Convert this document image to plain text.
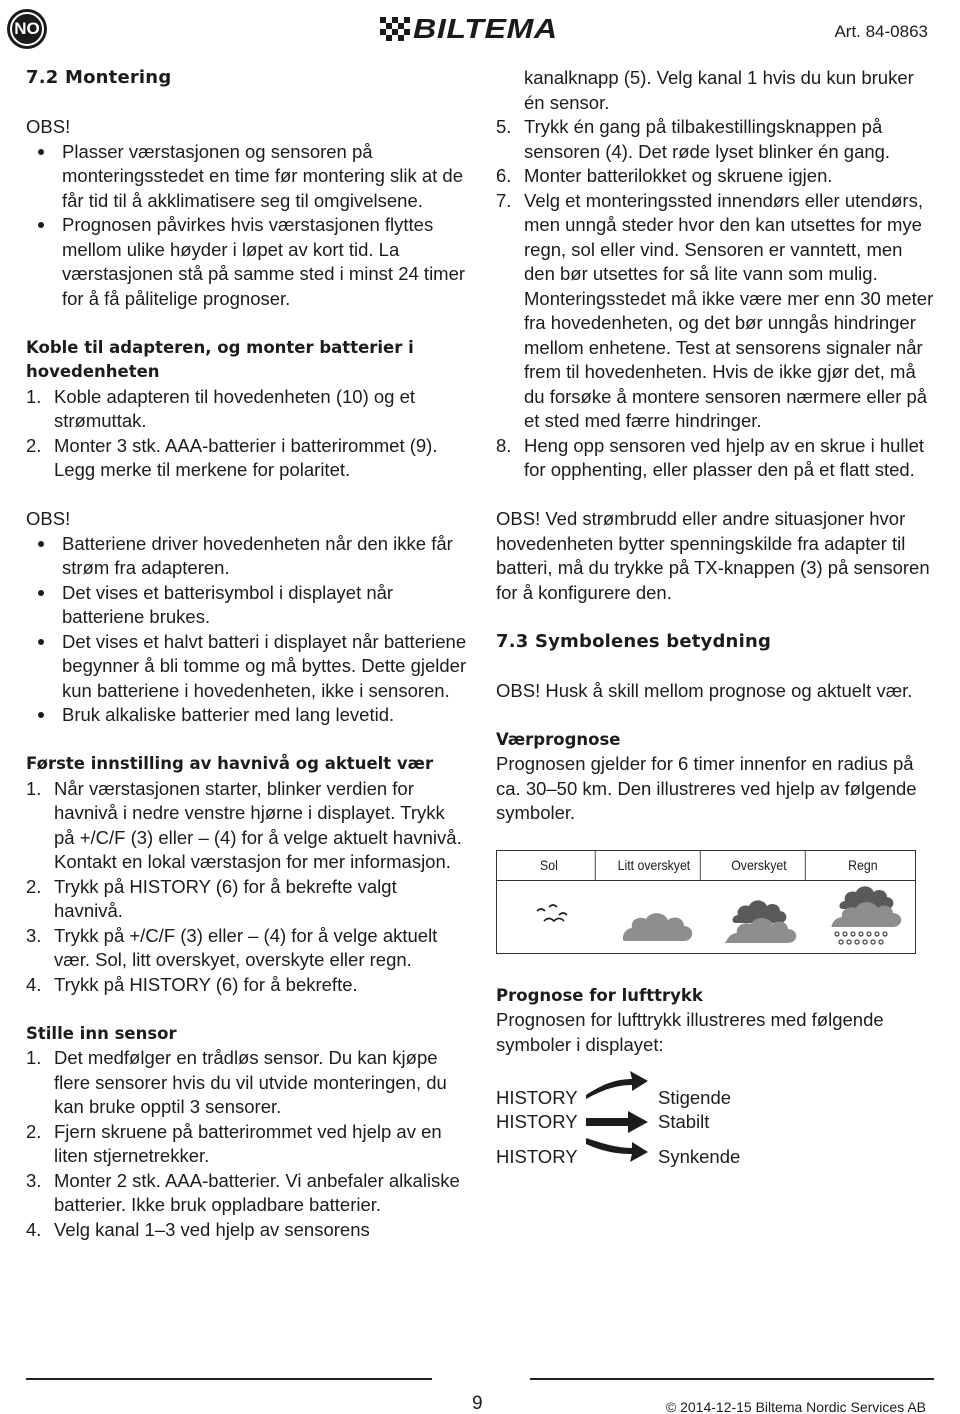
NO	BILTEMA	Art. 84-0863
7.2 Montering
OBS!
Plasser værstasjonen og sensoren på monteringsstedet en time før montering slik at de får tid til å akklimatisere seg til omgivelsene.
Prognosen påvirkes hvis værstasjonen flyttes mellom ulike høyder i løpet av kort tid. La værstasjonen stå på samme sted i minst 24 timer for å få pålitelige prognoser.
Koble til adapteren, og monter batterier i hovedenheten
1 . Koble adapteren til hovedenheten (10) og et strømuttak.
2 . Monter 3 stk. AAA-batterier i batterirommet (9). Legg merke til merkene for polaritet.
OBS!
Batteriene driver hovedenheten når den ikke får strøm fra adapteren.
Det vises et batterisymbol i displayet når batteriene brukes.
Det vises et halvt batteri i displayet når batteriene begynner å bli tomme og må byttes. Dette gjelder kun batteriene i hovedenheten, ikke i sensoren.
Bruk alkaliske batterier med lang levetid.
Første innstilling av havnivå og aktuelt vær
1 . Når værstasjonen starter, blinker verdien for havnivå i nedre venstre hjørne i displayet. Trykk på +/C/F (3) eller – (4) for å velge aktuelt havnivå. Kontakt en lokal værstasjon for mer informasjon.
2 . Trykk på HISTORY (6) for å bekrefte valgt havnivå.
3 . Trykk på +/C/F (3) eller – (4) for å velge aktuelt vær. Sol, litt overskyet, overskyte eller regn.
4 . Trykk på HISTORY (6) for å bekrefte.
Stille inn sensor
1 . Det medfølger en trådløs sensor. Du kan kjøpe flere sensorer hvis du vil utvide monteringen, du kan bruke opptil 3 sensorer.
2 . Fjern skruene på batterirommet ved hjelp av en liten stjernetrekker.
3 . Monter 2 stk. AAA-batterier. Vi anbefaler alkaliske batterier. Ikke bruk oppladbare batterier.
4 . Velg kanal 1–3 ved hjelp av sensorens
kanalknapp (5). Velg kanal 1 hvis du kun bruker én sensor.
5 . Trykk én gang på tilbakestillingsknappen på sensoren (4). Det røde lyset blinker én gang.
6 . Monter batterilokket og skruene igjen.
7 . Velg et monteringssted innendørs eller utendørs, men unngå steder hvor den kan utsettes for mye regn, sol eller vind. Sensoren er vanntett, men den bør utsettes for så lite vann som mulig. Monteringsstedet må ikke være mer enn 30 meter fra hovedenheten, og det bør unngås hindringer mellom enhetene. Test at sensorens signaler når frem til hovedenheten. Hvis de ikke gjør det, må du forsøke å montere sensoren nærmere eller på et sted med færre hindringer.
8 . Heng opp sensoren ved hjelp av en skrue i hullet for opphenting, eller plasser den på et flatt sted.
OBS! Ved strømbrudd eller andre situasjoner hvor hovedenheten bytter spenningskilde fra adapter til batteri, må du trykke på TX-knappen (3) på sensoren for å konfigurere den.
7.3 Symbolenes betydning
OBS! Husk å skill mellom prognose og aktuelt vær.
Værprognose
Prognosen gjelder for 6 timer innenfor en radius på ca. 30–50 km. Den illustreres ved hjelp av følgende symboler.
Sol	Litt overskyet	Overskyet	Regn
Prognose for lufttrykk
Prognosen for lufttrykk illustreres med følgende symboler i displayet:
HISTORY	Stigende
HISTORY	Stabilt
HISTORY	Synkende
9	© 2014-12-15 Biltema Nordic Services AB
